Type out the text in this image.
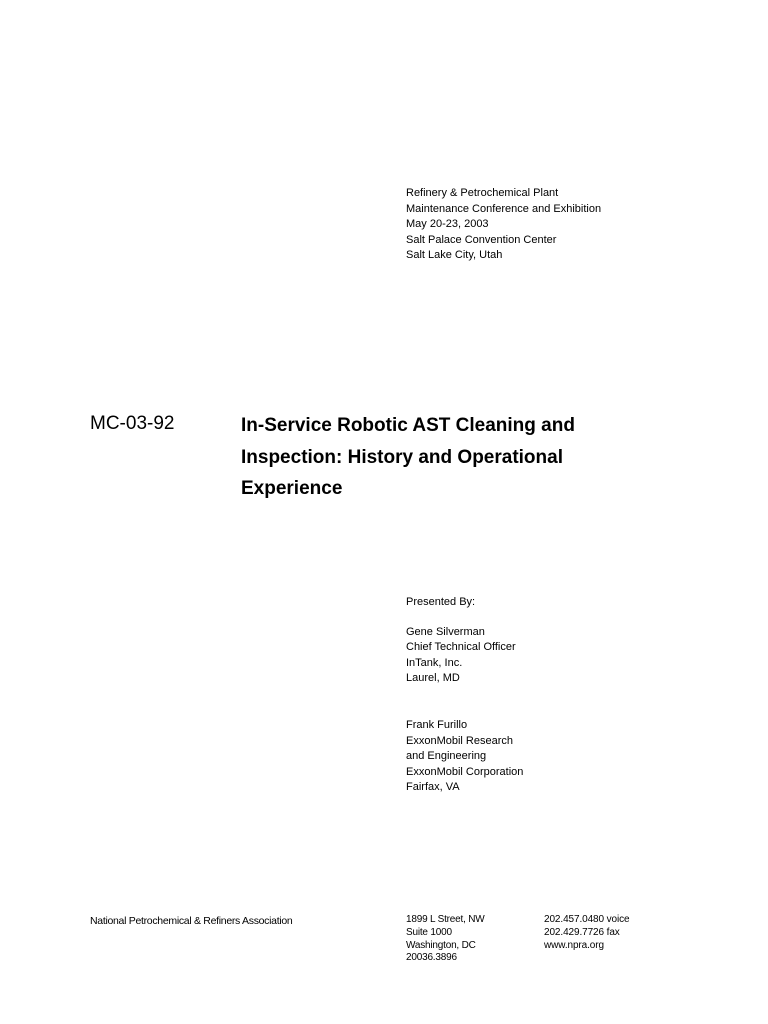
Refinery & Petrochemical Plant
Maintenance Conference and Exhibition
May 20-23, 2003
Salt Palace Convention Center
Salt Lake City, Utah
MC-03-92	In-Service Robotic AST Cleaning and
Inspection: History and Operational
Experience
Presented By:
Gene Silverman
Chief Technical Officer
InTank, Inc.
Laurel, MD
Frank Furillo
ExxonMobil Research
and Engineering
ExxonMobil Corporation
Fairfax, VA
National Petrochemical & Refiners Association	1899 L Street, NW
Suite 1000
Washington, DC
20036.3896
202.457.0480 voice
202.429.7726 fax
www.npra.org
